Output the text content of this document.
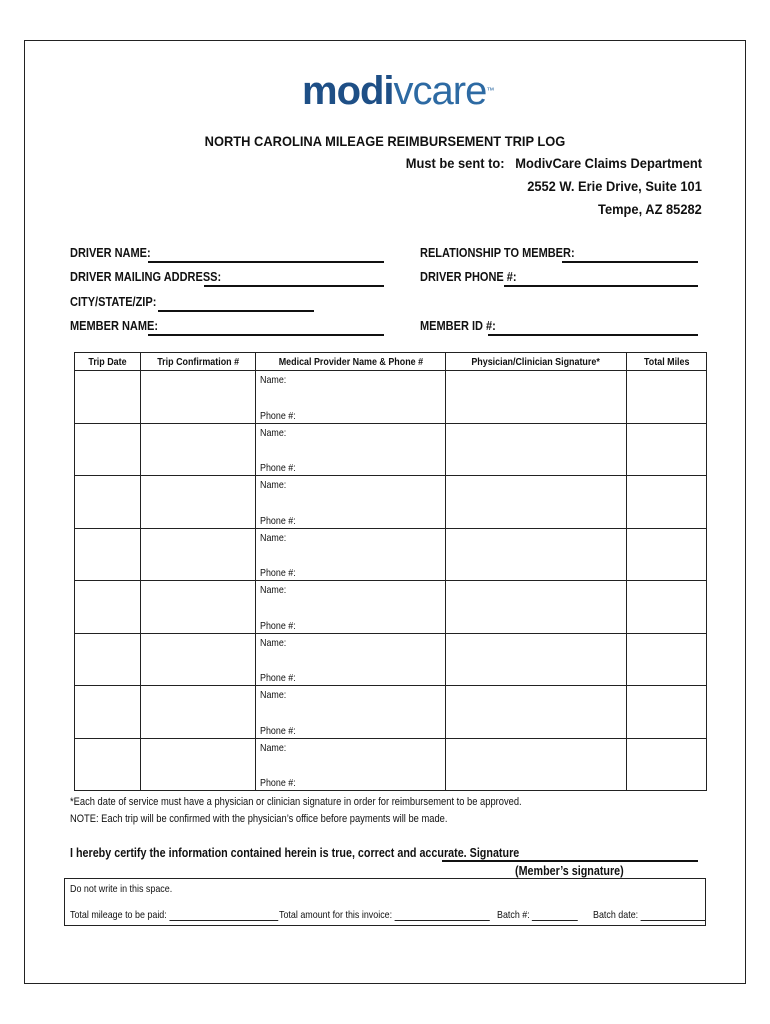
modivcare™
NORTH CAROLINA MILEAGE REIMBURSEMENT TRIP LOG
Must be sent to: ModivCare Claims Department
2552 W. Erie Drive, Suite 101
Tempe, AZ 85282
DRIVER NAME:
DRIVER MAILING ADDRESS:
CITY/STATE/ZIP:
MEMBER NAME:
RELATIONSHIP TO MEMBER:
DRIVER PHONE #:
MEMBER ID #:
Trip Date	Trip Confirmation #	Medical Provider Name & Phone #	Physician/Clinician Signature*	Total Miles

		Name:
Phone #:		

		Name:
Phone #:		

		Name:
Phone #:		

		Name:
Phone #:		

		Name:
Phone #:		

		Name:
Phone #:		

		Name:
Phone #:		

		Name:
Phone #:		

*Each date of service must have a physician or clinician signature in order for reimbursement to be approved.
NOTE: Each trip will be confirmed with the physician’s office before payments will be made.
I hereby certify the information contained herein is true, correct and accurate. Signature
(Member’s signature)
Do not write in this space.
Total mileage to be paid:	Total amount for this invoice:	Batch #:	Batch date:
